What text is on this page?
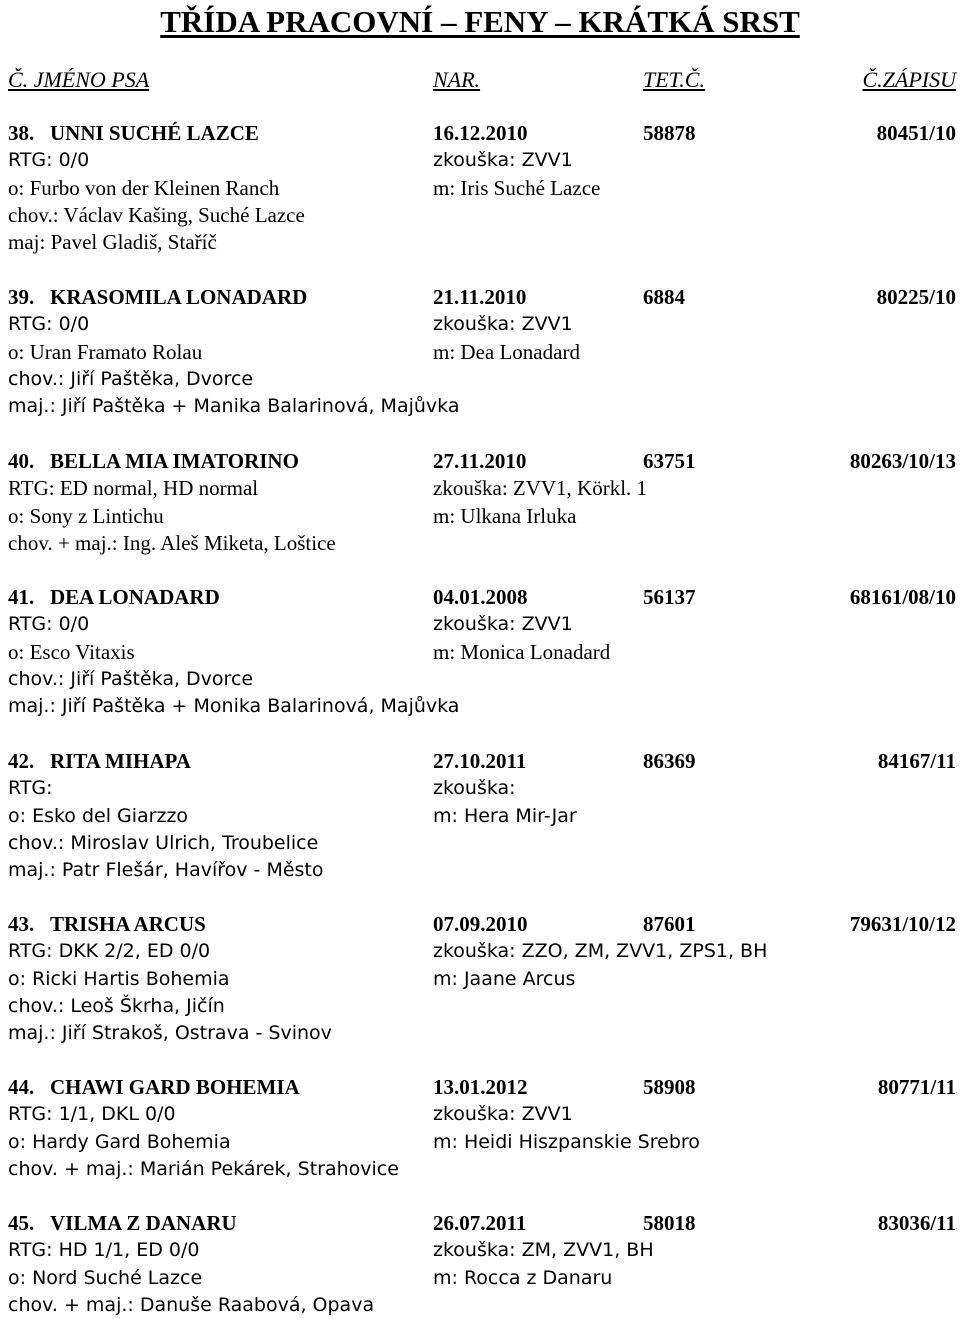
TŘÍDA PRACOVNÍ – FENY – KRÁTKÁ SRST
Č. JMÉNO PSA	NAR.	TET.Č.	Č.ZÁPISU
38. UNNI SUCHÉ LAZCE	16.12.2010	58878	80451/10
RTG: 0/0	zkouška: ZVV1
o: Furbo von der Kleinen Ranch	m: Iris Suché Lazce
chov.: Václav Kašing, Suché Lazce
maj: Pavel Gladiš, Staříč
39. KRASOMILA LONADARD	21.11.2010	6884	80225/10
RTG: 0/0	zkouška: ZVV1
o: Uran Framato Rolau	m: Dea Lonadard
chov.: Jiří Paštěka, Dvorce
maj.: Jiří Paštěka + Manika Balarinová, Majůvka
40. BELLA MIA IMATORINO	27.11.2010	63751	80263/10/13
RTG: ED normal, HD normal	zkouška: ZVV1, Körkl. 1
o: Sony z Lintichu	m: Ulkana Irluka
chov. + maj.: Ing. Aleš Miketa, Loštice
41. DEA LONADARD	04.01.2008	56137	68161/08/10
RTG: 0/0	zkouška: ZVV1
o: Esco Vitaxis	m: Monica Lonadard
chov.: Jiří Paštěka, Dvorce
maj.: Jiří Paštěka + Monika Balarinová, Majůvka
42. RITA MIHAPA	27.10.2011	86369	84167/11
RTG:	zkouška:
o: Esko del Giarzzo	m: Hera Mir-Jar
chov.: Miroslav Ulrich, Troubelice
maj.: Patr Flešár, Havířov - Město
43. TRISHA ARCUS	07.09.2010	87601	79631/10/12
RTG: DKK 2/2, ED 0/0	zkouška: ZZO, ZM, ZVV1, ZPS1, BH
o: Ricki Hartis Bohemia	m: Jaane Arcus
chov.: Leoš Škrha, Jičín
maj.: Jiří Strakoš, Ostrava - Svinov
44. CHAWI GARD BOHEMIA	13.01.2012	58908	80771/11
RTG: 1/1, DKL 0/0	zkouška: ZVV1
o: Hardy Gard Bohemia	m: Heidi Hiszpanskie Srebro
chov. + maj.: Marián Pekárek, Strahovice
45. VILMA Z DANARU	26.07.2011	58018	83036/11
RTG: HD 1/1, ED 0/0	zkouška: ZM, ZVV1, BH
o: Nord Suché Lazce	m: Rocca z Danaru
chov. + maj.: Danuše Raabová, Opava
